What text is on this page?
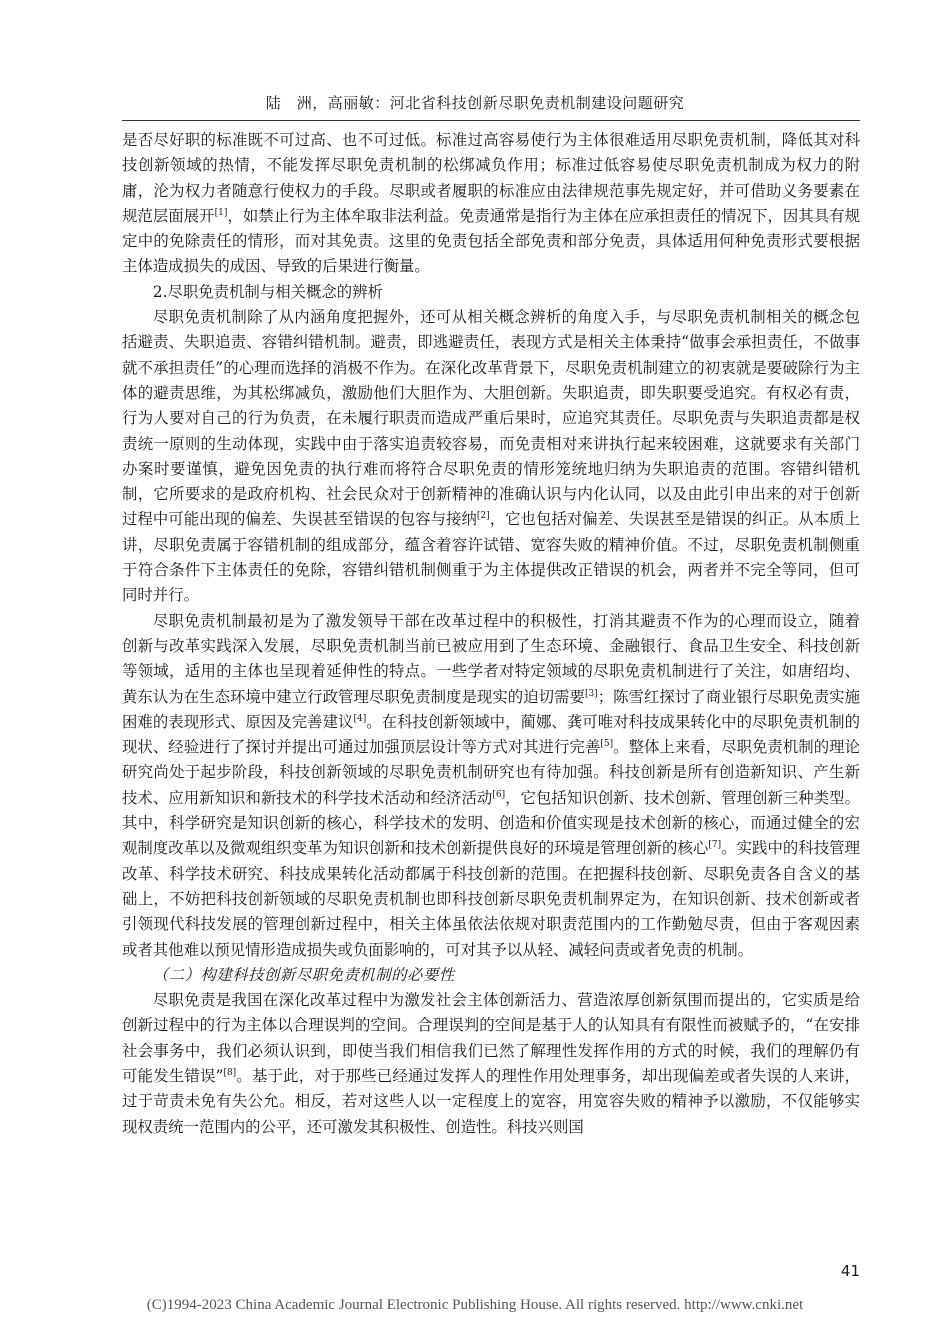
陆　洲，高丽敏：河北省科技创新尽职免责机制建设问题研究

是否尽好职的标准既不可过高、也不可过低。标准过高容易使行为主体很难适用尽职免责机制，降低其对科技创新领域的热情，不能发挥尽职免责机制的松绑减负作用；标准过低容易使尽职免责机制成为权力的附庸，沦为权力者随意行使权力的手段。尽职或者履职的标准应由法律规范事先规定好，并可借助义务要素在规范层面展开[1]，如禁止行为主体牟取非法利益。免责通常是指行为主体在应承担责任的情况下，因其具有规定中的免除责任的情形，而对其免责。这里的免责包括全部免责和部分免责，具体适用何种免责形式要根据主体造成损失的成因、导致的后果进行衡量。

2.尽职免责机制与相关概念的辨析

尽职免责机制除了从内涵角度把握外，还可从相关概念辨析的角度入手，与尽职免责机制相关的概念包括避责、失职追责、容错纠错机制。避责，即逃避责任，表现方式是相关主体秉持“做事会承担责任，不做事就不承担责任”的心理而选择的消极不作为。在深化改革背景下，尽职免责机制建立的初衷就是要破除行为主体的避责思维，为其松绑减负，激励他们大胆作为、大胆创新。失职追责，即失职要受追究。有权必有责，行为人要对自己的行为负责，在未履行职责而造成严重后果时，应追究其责任。尽职免责与失职追责都是权责统一原则的生动体现，实践中由于落实追责较容易，而免责相对来讲执行起来较困难，这就要求有关部门办案时要谨慎，避免因免责的执行难而将符合尽职免责的情形笼统地归纳为失职追责的范围。容错纠错机制，它所要求的是政府机构、社会民众对于创新精神的准确认识与内化认同，以及由此引申出来的对于创新过程中可能出现的偏差、失误甚至错误的包容与接纳[2]，它也包括对偏差、失误甚至是错误的纠正。从本质上讲，尽职免责属于容错机制的组成部分，蕴含着容许试错、宽容失败的精神价值。不过，尽职免责机制侧重于符合条件下主体责任的免除，容错纠错机制侧重于为主体提供改正错误的机会，两者并不完全等同，但可同时并行。

尽职免责机制最初是为了激发领导干部在改革过程中的积极性，打消其避责不作为的心理而设立，随着创新与改革实践深入发展，尽职免责机制当前已被应用到了生态环境、金融银行、食品卫生安全、科技创新等领域，适用的主体也呈现着延伸性的特点。一些学者对特定领域的尽职免责机制进行了关注，如唐绍均、黄东认为在生态环境中建立行政管理尽职免责制度是现实的迫切需要[3]；陈雪红探讨了商业银行尽职免责实施困难的表现形式、原因及完善建议[4]。在科技创新领域中，蔺娜、龚可唯对科技成果转化中的尽职免责机制的现状、经验进行了探讨并提出可通过加强顶层设计等方式对其进行完善[5]。整体上来看，尽职免责机制的理论研究尚处于起步阶段，科技创新领域的尽职免责机制研究也有待加强。科技创新是所有创造新知识、产生新技术、应用新知识和新技术的科学技术活动和经济活动[6]，它包括知识创新、技术创新、管理创新三种类型。其中，科学研究是知识创新的核心，科学技术的发明、创造和价值实现是技术创新的核心，而通过健全的宏观制度改革以及微观组织变革为知识创新和技术创新提供良好的环境是管理创新的核心[7]。实践中的科技管理改革、科学技术研究、科技成果转化活动都属于科技创新的范围。在把握科技创新、尽职免责各自含义的基础上，不妨把科技创新领域的尽职免责机制也即科技创新尽职免责机制界定为，在知识创新、技术创新或者引领现代科技发展的管理创新过程中，相关主体虽依法依规对职责范围内的工作勤勉尽责，但由于客观因素或者其他难以预见情形造成损失或负面影响的，可对其予以从轻、减轻问责或者免责的机制。

（二）构建科技创新尽职免责机制的必要性

尽职免责是我国在深化改革过程中为激发社会主体创新活力、营造浓厚创新氛围而提出的，它实质是给创新过程中的行为主体以合理误判的空间。合理误判的空间是基于人的认知具有有限性而被赋予的，“在安排社会事务中，我们必须认识到，即使当我们相信我们已然了解理性发挥作用的方式的时候，我们的理解仍有可能发生错误”[8]。基于此，对于那些已经通过发挥人的理性作用处理事务，却出现偏差或者失误的人来讲，过于苛责未免有失公允。相反，若对这些人以一定程度上的宽容，用宽容失败的精神予以激励，不仅能够实现权责统一范围内的公平，还可激发其积极性、创造性。科技兴则国

41
(C)1994-2023 China Academic Journal Electronic Publishing House. All rights reserved. http://www.cnki.net
